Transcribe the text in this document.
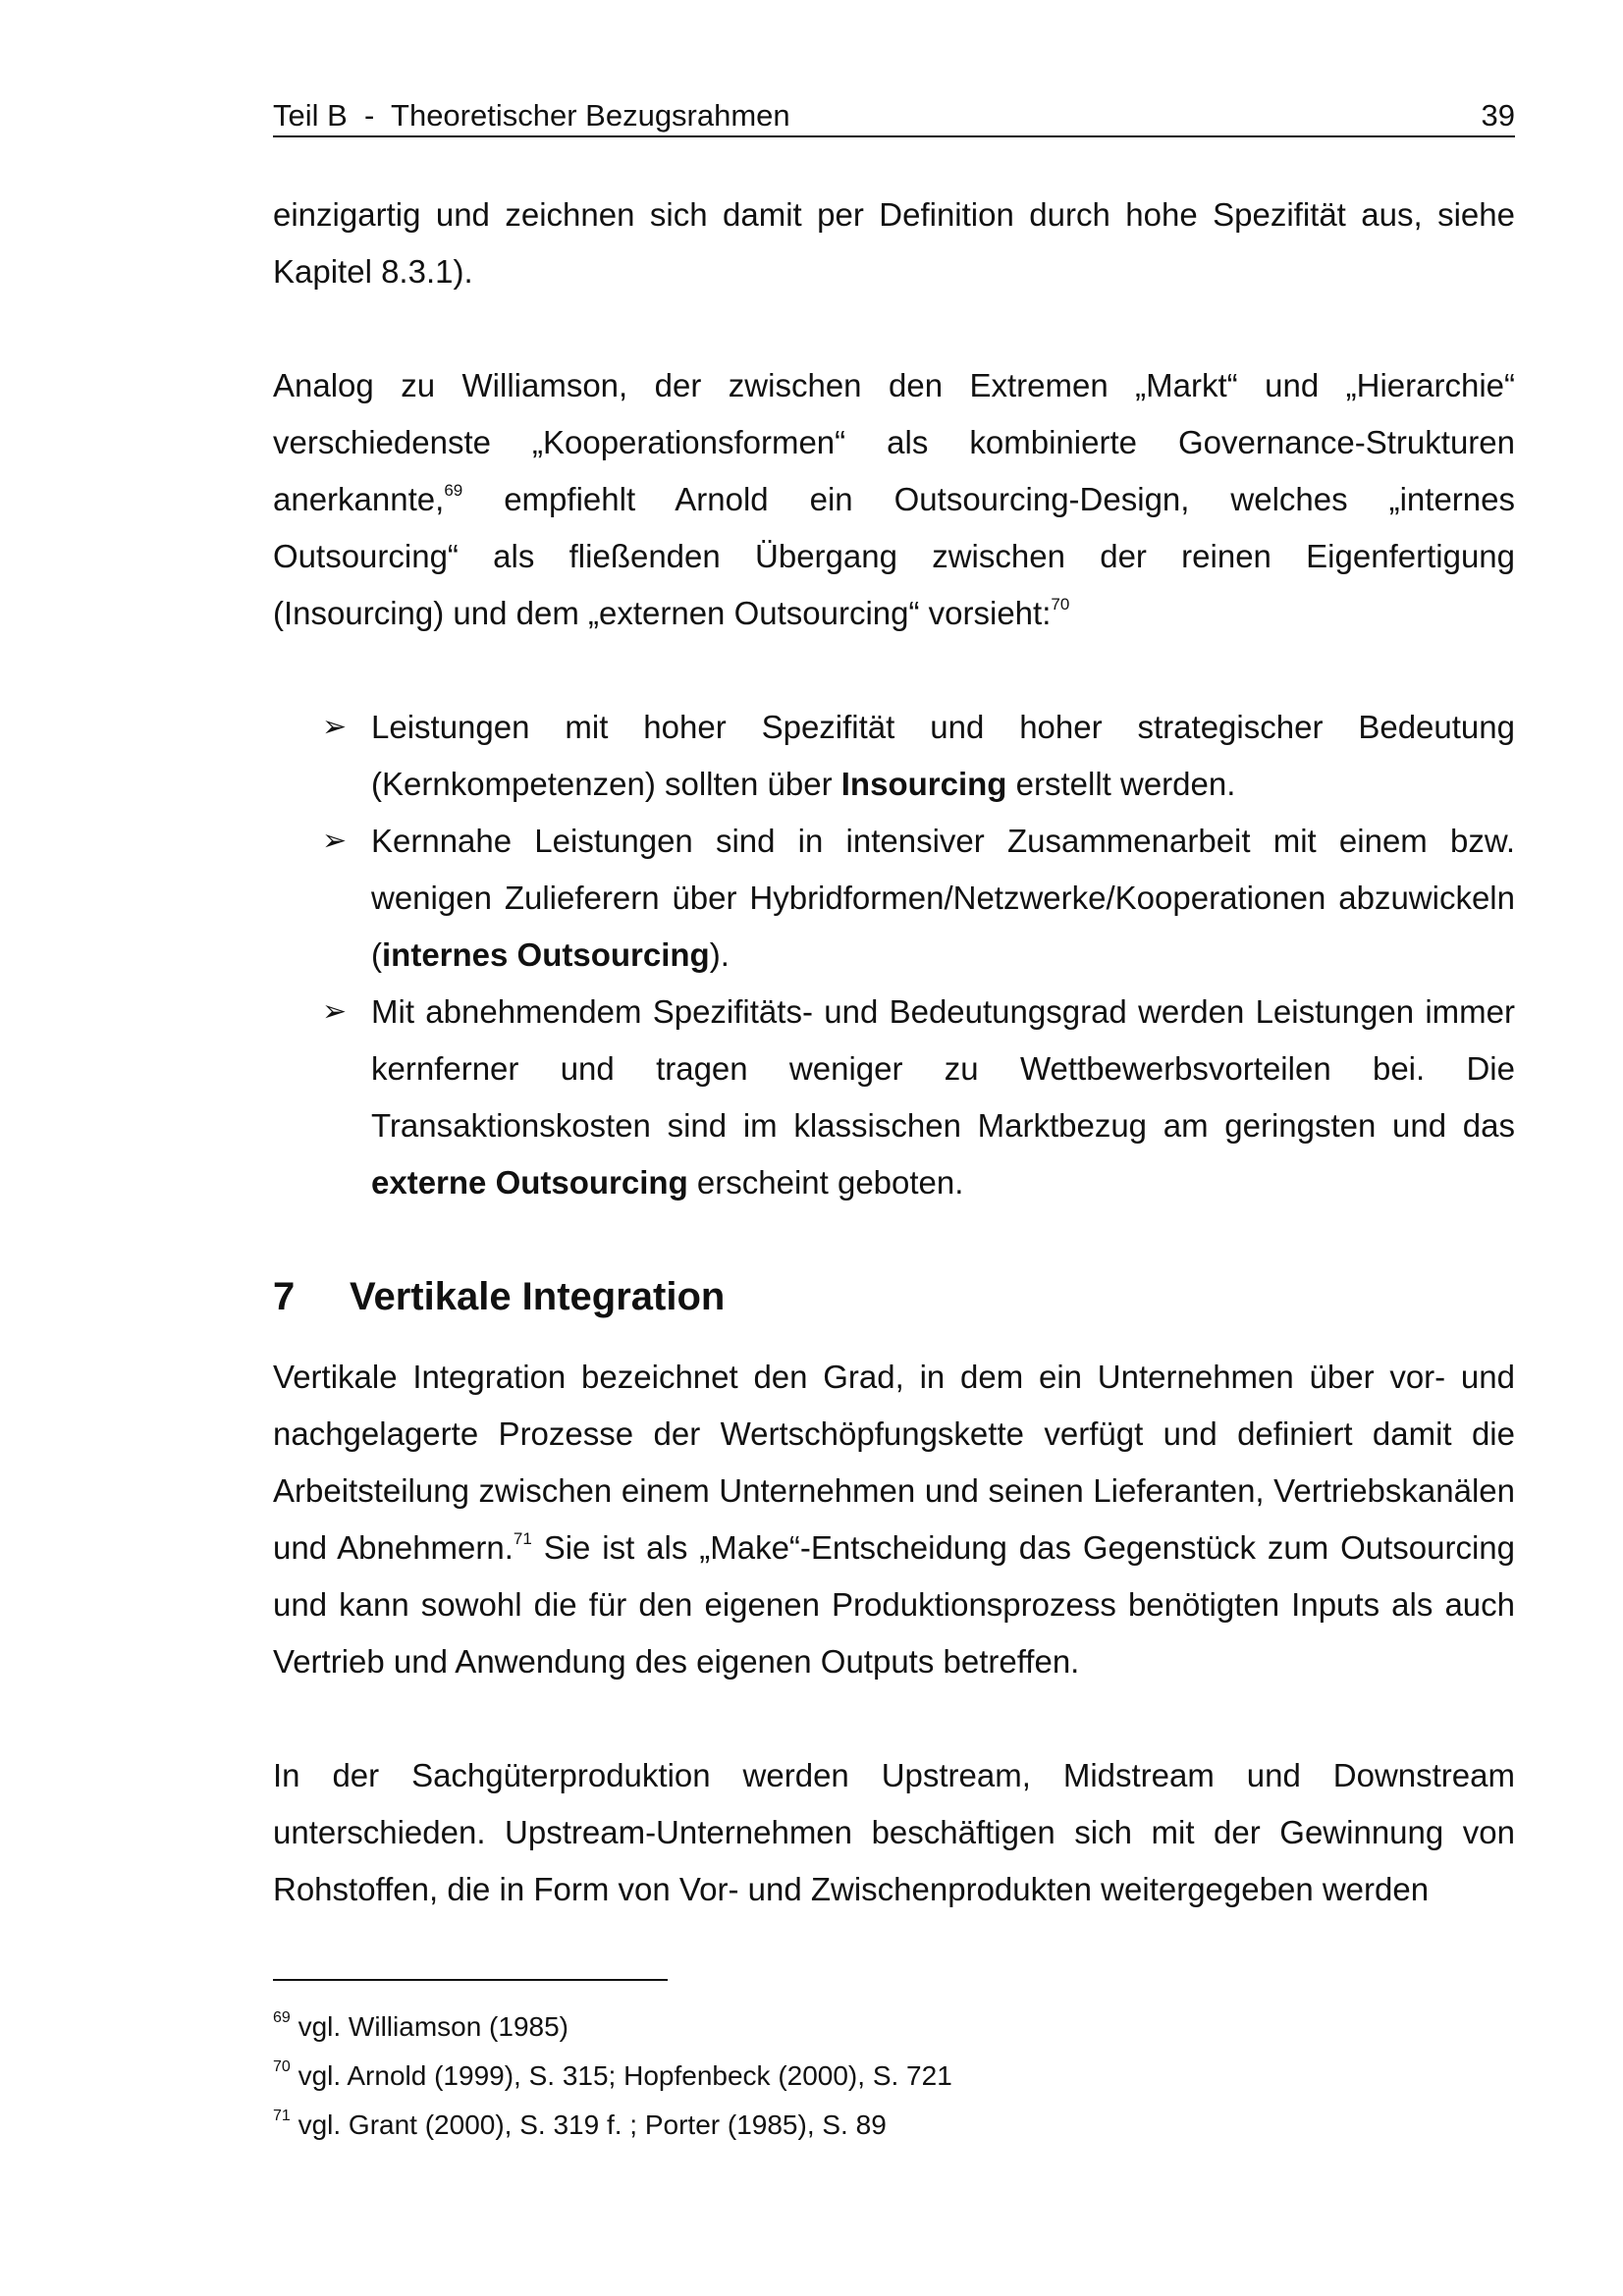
Teil B  -  Theoretischer Bezugsrahmen	39

einzigartig und zeichnen sich damit per Definition durch hohe Spezifität aus, siehe Kapitel 8.3.1).

Analog zu Williamson, der zwischen den Extremen „Markt“ und „Hierarchie“ verschiedenste „Kooperationsformen“ als kombinierte Governance-Strukturen anerkannte,$^{69}$ empfiehlt Arnold ein Outsourcing-Design, welches „internes Outsourcing“ als fließenden Übergang zwischen der reinen Eigenfertigung (Insourcing) und dem „externen Outsourcing“ vorsieht:$^{70}$

➢ Leistungen mit hoher Spezifität und hoher strategischer Bedeutung (Kernkompetenzen) sollten über Insourcing erstellt werden.
➢ Kernnahe Leistungen sind in intensiver Zusammenarbeit mit einem bzw. wenigen Zulieferern über Hybridformen/Netzwerke/Kooperationen abzuwickeln (internes Outsourcing).
➢ Mit abnehmendem Spezifitäts- und Bedeutungsgrad werden Leistungen immer kernferner und tragen weniger zu Wettbewerbsvorteilen bei. Die Transaktionskosten sind im klassischen Marktbezug am geringsten und das externe Outsourcing erscheint geboten.
7	Vertikale Integration

Vertikale Integration bezeichnet den Grad, in dem ein Unternehmen über vor- und nachgelagerte Prozesse der Wertschöpfungskette verfügt und definiert damit die Arbeitsteilung zwischen einem Unternehmen und seinen Lieferanten, Vertriebskanälen und Abnehmern.$^{71}$ Sie ist als „Make“-Entscheidung das Gegenstück zum Outsourcing und kann sowohl die für den eigenen Produktionsprozess benötigten Inputs als auch Vertrieb und Anwendung des eigenen Outputs betreffen.

In der Sachgüterproduktion werden Upstream, Midstream und Downstream unterschieden. Upstream-Unternehmen beschäftigen sich mit der Gewinnung von Rohstoffen, die in Form von Vor- und Zwischenprodukten weitergegeben werden

$^{69}$ vgl. Williamson (1985)
$^{70}$ vgl. Arnold (1999), S. 315; Hopfenbeck (2000), S. 721
$^{71}$ vgl. Grant (2000), S. 319 f. ; Porter (1985), S. 89
